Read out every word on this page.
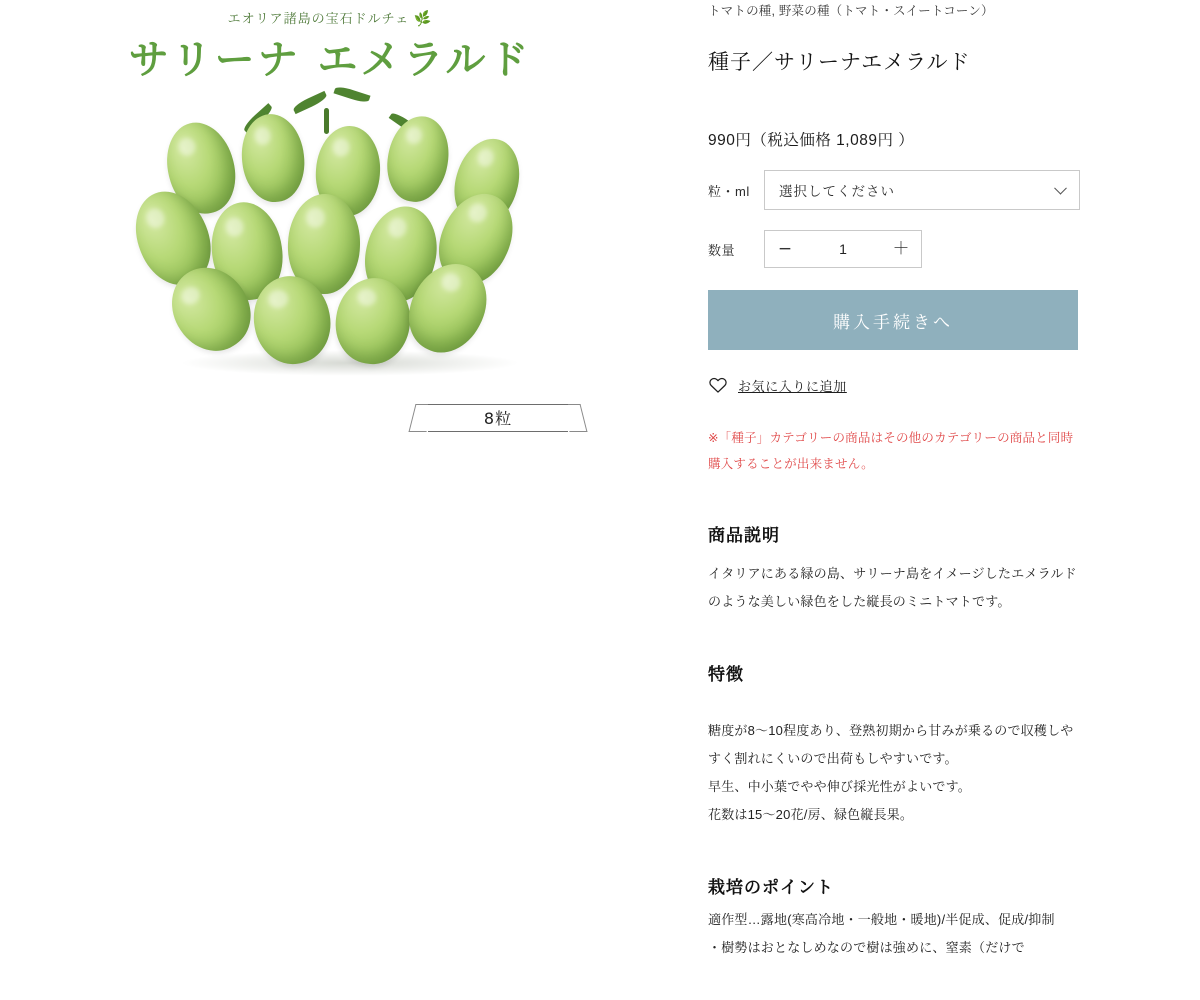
エオリア諸島の宝石ドルチェ 🌿
サリーナ エメラルド
8粒
トマトの種, 野菜の種（トマト・スイートコーン）
種子／サリーナエメラルド
990円（税込価格 1,089円 ）
粒・ml 選択してください
数量	−	1	＋
購入手続きへ
お気に入りに追加
※「種子」カテゴリーの商品はその他のカテゴリーの商品と同時購入することが出来ません。
商品説明

イタリアにある緑の島、サリーナ島をイメージしたエメラルドのような美しい緑色をした縦長のミニトマトです。

特徴

糖度が8〜10程度あり、登熟初期から甘みが乗るので収穫しやすく割れにくいので出荷もしやすいです。

早生、中小葉でやや伸び採光性がよいです。

花数は15〜20花/房、緑色縦長果。

栽培のポイント

適作型…露地(寒高冷地・一般地・暖地)/半促成、促成/抑制

・樹勢はおとなしめなので樹は強めに、窒素（だけで
